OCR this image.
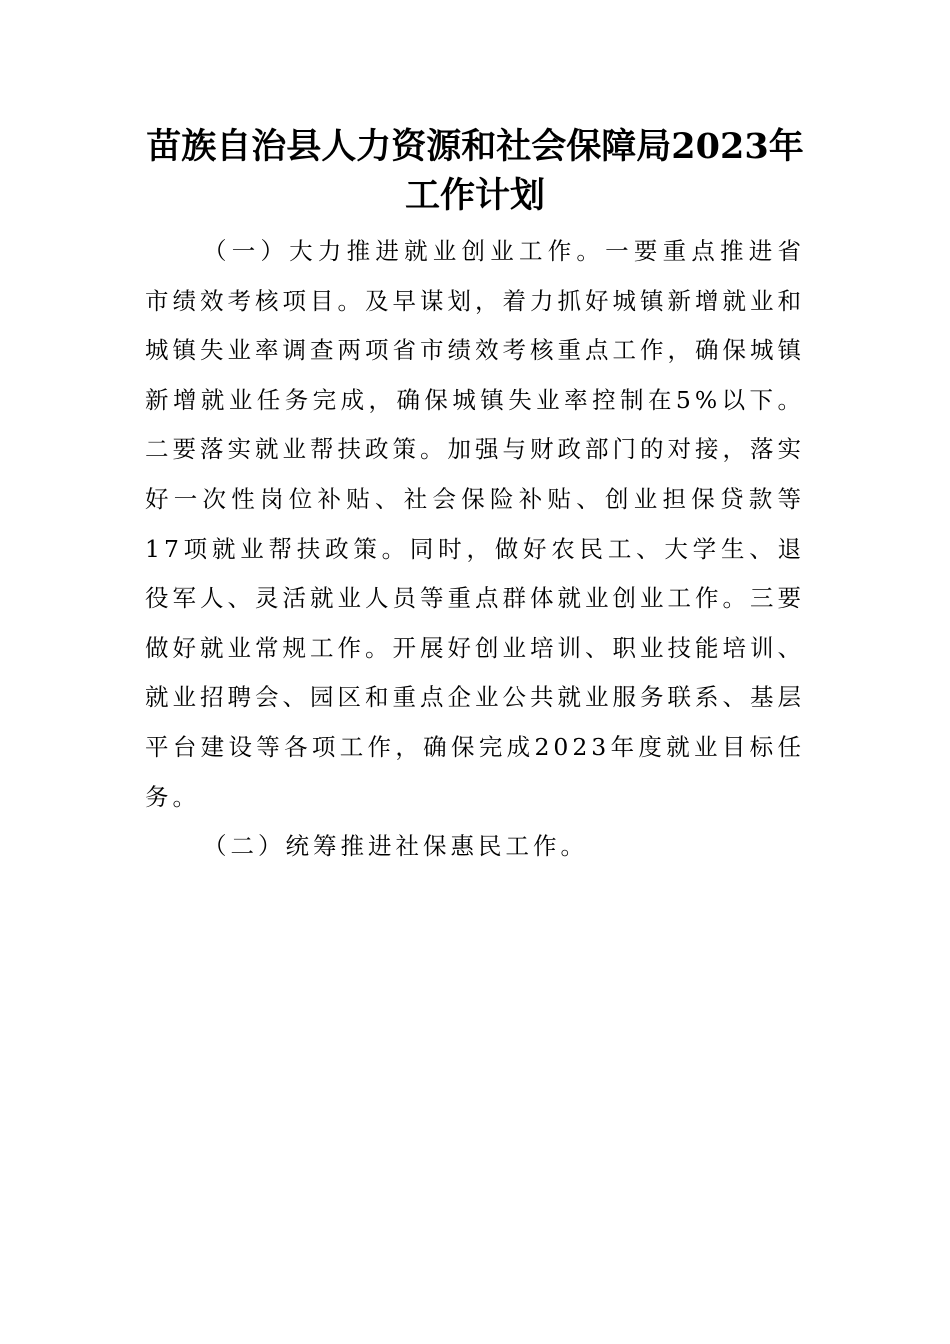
苗族自治县人力资源和社会保障局2023年
工作计划

（一）大力推进就业创业工作。一要重点推进省市绩效考核项目。及早谋划，着力抓好城镇新增就业和城镇失业率调查两项省市绩效考核重点工作，确保城镇新增就业任务完成，确保城镇失业率控制在5%以下。二要落实就业帮扶政策。加强与财政部门的对接，落实好一次性岗位补贴、社会保险补贴、创业担保贷款等17项就业帮扶政策。同时，做好农民工、大学生、退役军人、灵活就业人员等重点群体就业创业工作。三要做好就业常规工作。开展好创业培训、职业技能培训、就业招聘会、园区和重点企业公共就业服务联系、基层平台建设等各项工作，确保完成2023年度就业目标任务。

（二）统筹推进社保惠民工作。
